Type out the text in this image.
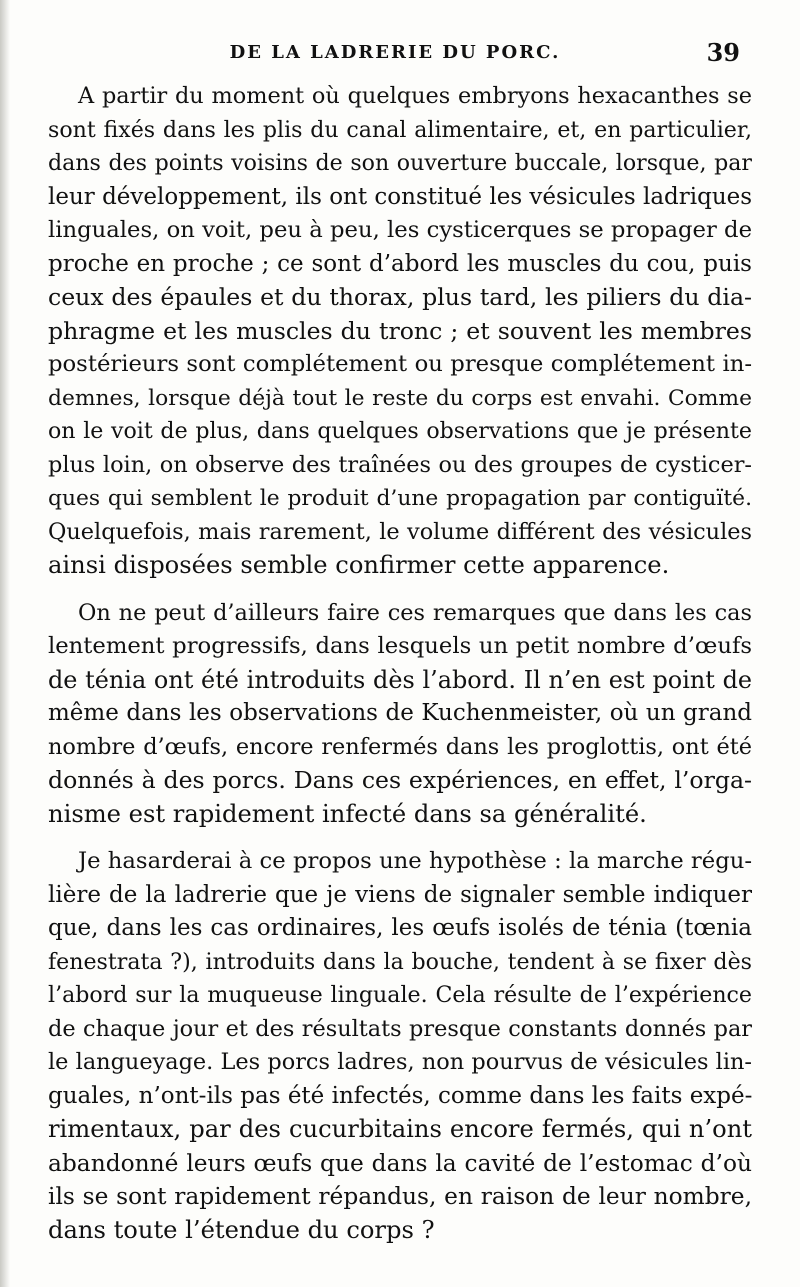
DE LA LADRERIE DU PORC.	39
A partir du moment où quelques embryons hexacanthes se
sont fixés dans les plis du canal alimentaire, et, en particulier,
dans des points voisins de son ouverture buccale, lorsque, par
leur développement, ils ont constitué les vésicules ladriques
linguales, on voit, peu à peu, les cysticerques se propager de
proche en proche ; ce sont d’abord les muscles du cou, puis
ceux des épaules et du thorax, plus tard, les piliers du dia-
phragme et les muscles du tronc ; et souvent les membres
postérieurs sont complétement ou presque complétement in-
demnes, lorsque déjà tout le reste du corps est envahi. Comme
on le voit de plus, dans quelques observations que je présente
plus loin, on observe des traînées ou des groupes de cysticer-
ques qui semblent le produit d’une propagation par contiguïté.
Quelquefois, mais rarement, le volume différent des vésicules
ainsi disposées semble confirmer cette apparence.
On ne peut d’ailleurs faire ces remarques que dans les cas
lentement progressifs, dans lesquels un petit nombre d’œufs
de ténia ont été introduits dès l’abord. Il n’en est point de
même dans les observations de Kuchenmeister, où un grand
nombre d’œufs, encore renfermés dans les proglottis, ont été
donnés à des porcs. Dans ces expériences, en effet, l’orga-
nisme est rapidement infecté dans sa généralité.
Je hasarderai à ce propos une hypothèse : la marche régu-
lière de la ladrerie que je viens de signaler semble indiquer
que, dans les cas ordinaires, les œufs isolés de ténia (tœnia
fenestrata ?), introduits dans la bouche, tendent à se fixer dès
l’abord sur la muqueuse linguale. Cela résulte de l’expérience
de chaque jour et des résultats presque constants donnés par
le langueyage. Les porcs ladres, non pourvus de vésicules lin-
guales, n’ont-ils pas été infectés, comme dans les faits expé-
rimentaux, par des cucurbitains encore fermés, qui n’ont
abandonné leurs œufs que dans la cavité de l’estomac d’où
ils se sont rapidement répandus, en raison de leur nombre,
dans toute l’étendue du corps ?
